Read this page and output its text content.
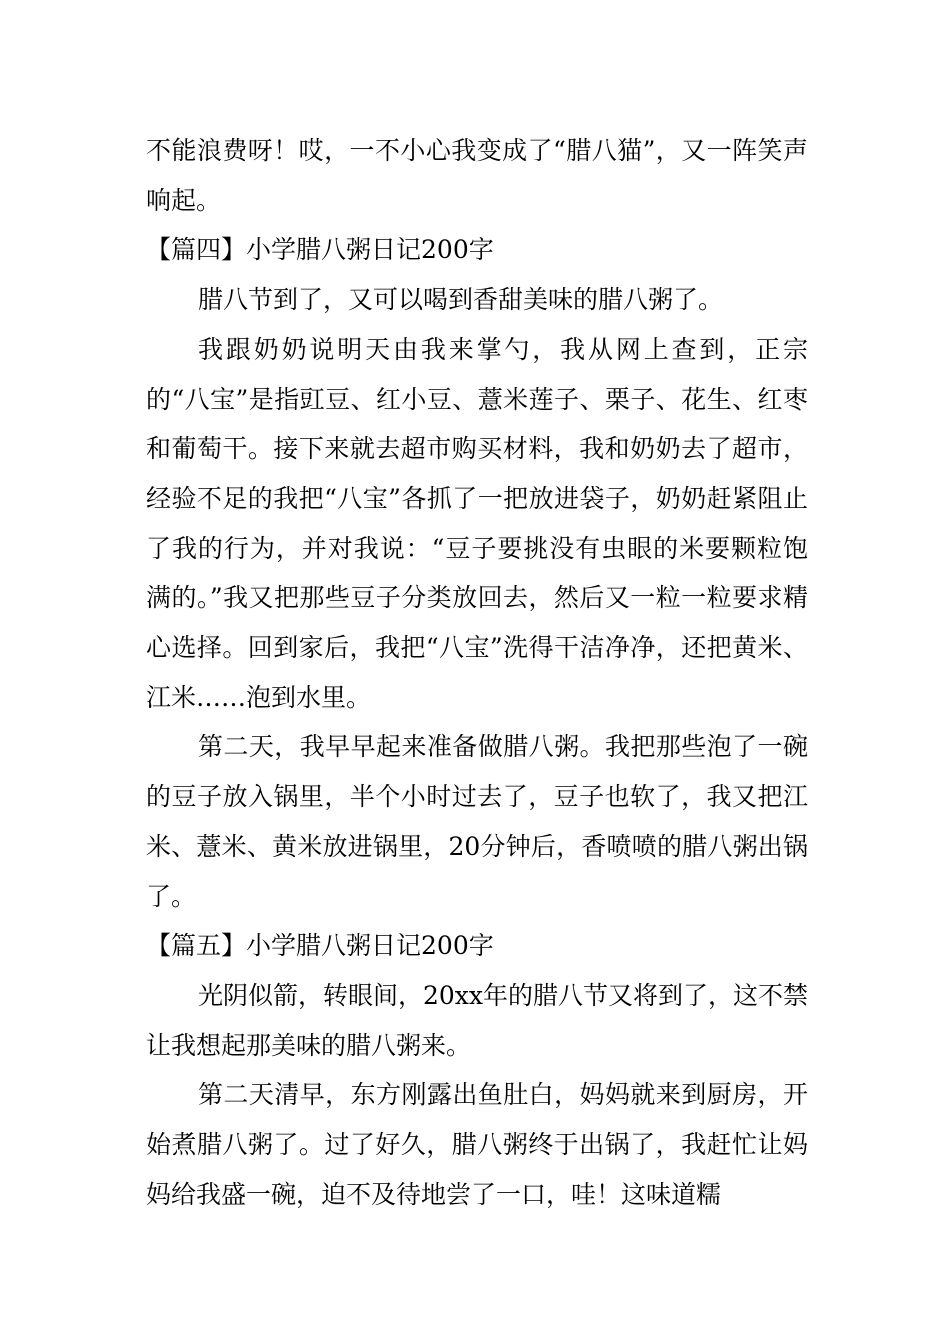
不能浪费呀！哎，一不小心我变成了“腊八猫”，又一阵笑声响起。

【篇四】小学腊八粥日记200字

腊八节到了，又可以喝到香甜美味的腊八粥了。

我跟奶奶说明天由我来掌勺，我从网上查到，正宗的“八宝”是指豇豆、红小豆、薏米莲子、栗子、花生、红枣和葡萄干。接下来就去超市购买材料，我和奶奶去了超市，经验不足的我把“八宝”各抓了一把放进袋子，奶奶赶紧阻止了我的行为，并对我说：“豆子要挑没有虫眼的米要颗粒饱满的。”我又把那些豆子分类放回去，然后又一粒一粒要求精心选择。回到家后，我把“八宝”洗得干洁净净，还把黄米、江米……泡到水里。

第二天，我早早起来准备做腊八粥。我把那些泡了一碗的豆子放入锅里，半个小时过去了，豆子也软了，我又把江米、薏米、黄米放进锅里，20分钟后，香喷喷的腊八粥出锅了。

【篇五】小学腊八粥日记200字

光阴似箭，转眼间，20xx年的腊八节又将到了，这不禁让我想起那美味的腊八粥来。

第二天清早，东方刚露出鱼肚白，妈妈就来到厨房，开始煮腊八粥了。过了好久，腊八粥终于出锅了，我赶忙让妈妈给我盛一碗，迫不及待地尝了一口，哇！这味道糯
